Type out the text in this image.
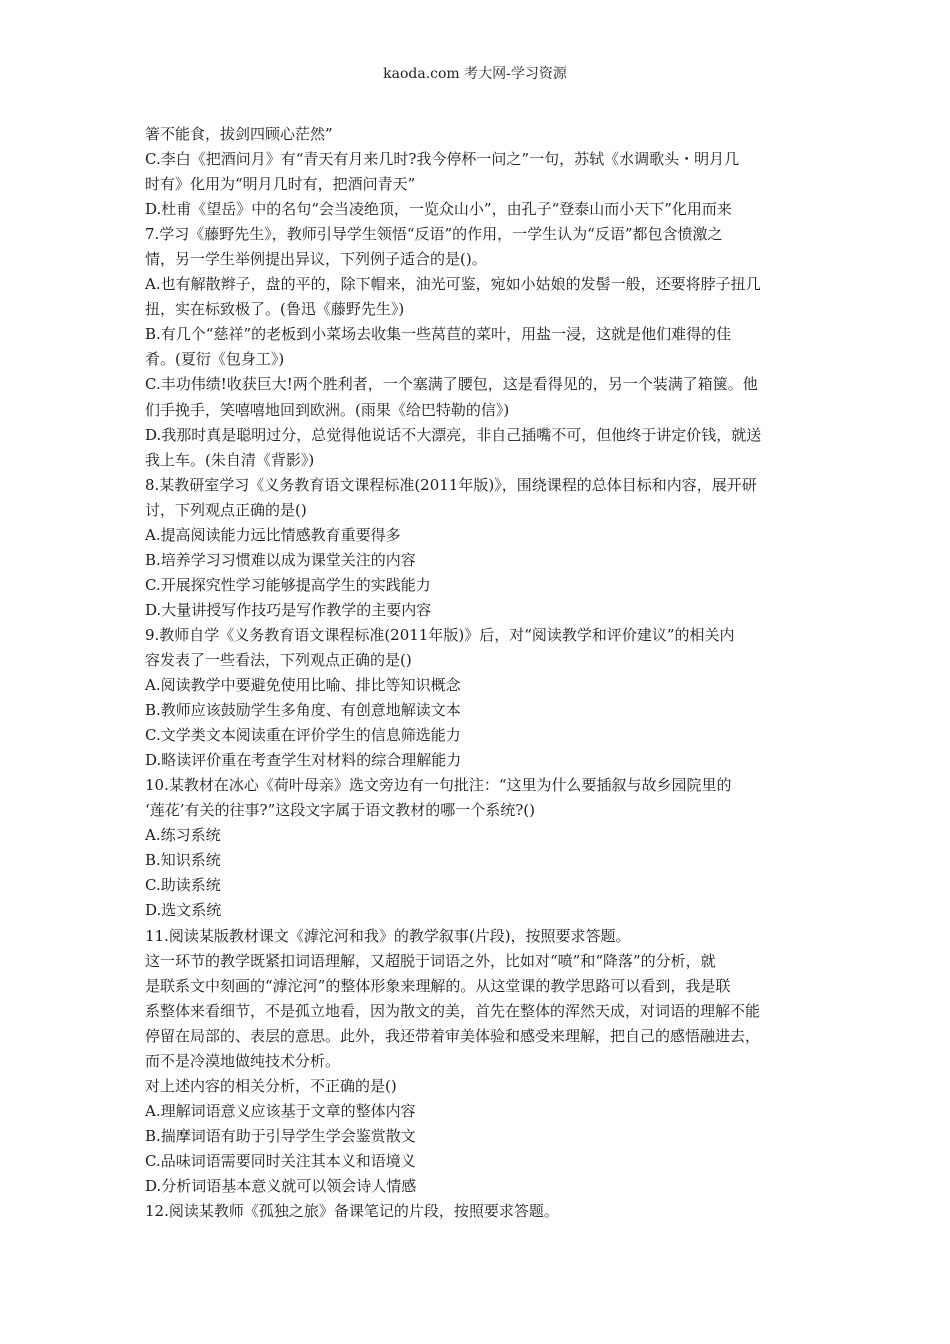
kaoda.com 考大网-学习资源
箸不能食，拔剑四顾心茫然”
C.李白《把酒问月》有“青天有月来几时?我今停杯一问之”一句，苏轼《水调歌头・明月几
时有》化用为“明月几时有，把酒问青天”
D.杜甫《望岳》中的名句“会当凌绝顶，一览众山小”，由孔子“登泰山而小天下”化用而来
7.学习《藤野先生》，教师引导学生领悟“反语”的作用，一学生认为“反语”都包含愤激之
情，另一学生举例提出异议，下列例子适合的是()。
A.也有解散辫子，盘的平的，除下帽来，油光可鉴，宛如小姑娘的发髻一般，还要将脖子扭几
扭，实在标致极了。(鲁迅《藤野先生》)
B.有几个“慈祥”的老板到小菜场去收集一些莴苣的菜叶，用盐一浸，这就是他们难得的佳
肴。(夏衍《包身工》)
C.丰功伟绩!收获巨大!两个胜利者，一个塞满了腰包，这是看得见的，另一个装满了箱箧。他
们手挽手，笑嘻嘻地回到欧洲。(雨果《给巴特勒的信》)
D.我那时真是聪明过分，总觉得他说话不大漂亮，非自己插嘴不可，但他终于讲定价钱，就送
我上车。(朱自清《背影》)
8.某教研室学习《义务教育语文课程标准(2011年版)》，围绕课程的总体目标和内容，展开研
讨，下列观点正确的是()
A.提高阅读能力远比情感教育重要得多
B.培养学习习惯难以成为课堂关注的内容
C.开展探究性学习能够提高学生的实践能力
D.大量讲授写作技巧是写作教学的主要内容
9.教师自学《义务教育语文课程标准(2011年版)》后，对“阅读教学和评价建议”的相关内
容发表了一些看法，下列观点正确的是()
A.阅读教学中要避免使用比喻、排比等知识概念
B.教师应该鼓励学生多角度、有创意地解读文本
C.文学类文本阅读重在评价学生的信息筛选能力
D.略读评价重在考查学生对材料的综合理解能力
10.某教材在冰心《荷叶母亲》选文旁边有一句批注：“这里为什么要插叙与故乡园院里的
‘莲花’有关的往事?”这段文字属于语文教材的哪一个系统?()
A.练习系统
B.知识系统
C.助读系统
D.选文系统
11.阅读某版教材课文《滹沱河和我》的教学叙事(片段)，按照要求答题。
这一环节的教学既紧扣词语理解，又超脱于词语之外，比如对“喷”和“降落”的分析，就
是联系文中刻画的“滹沱河”的整体形象来理解的。从这堂课的教学思路可以看到，我是联
系整体来看细节，不是孤立地看，因为散文的美，首先在整体的浑然天成，对词语的理解不能
停留在局部的、表层的意思。此外，我还带着审美体验和感受来理解，把自己的感悟融进去，
而不是冷漠地做纯技术分析。
对上述内容的相关分析，不正确的是()
A.理解词语意义应该基于文章的整体内容
B.揣摩词语有助于引导学生学会鉴赏散文
C.品味词语需要同时关注其本义和语境义
D.分析词语基本意义就可以领会诗人情感
12.阅读某教师《孤独之旅》备课笔记的片段，按照要求答题。
